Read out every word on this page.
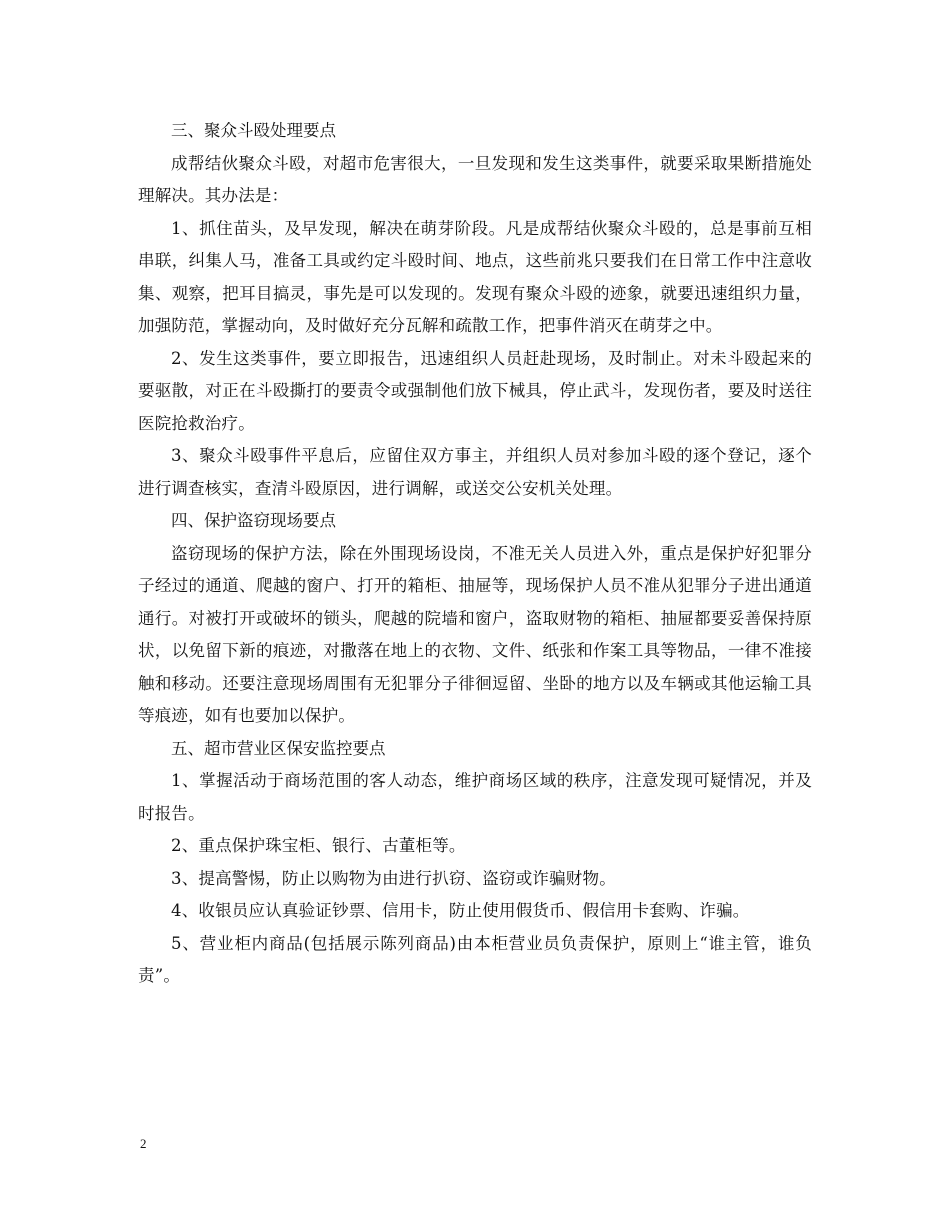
三、聚众斗殴处理要点

成帮结伙聚众斗殴，对超市危害很大，一旦发现和发生这类事件，就要采取果断措施处理解决。其办法是：

1、抓住苗头，及早发现，解决在萌芽阶段。凡是成帮结伙聚众斗殴的，总是事前互相串联，纠集人马，准备工具或约定斗殴时间、地点，这些前兆只要我们在日常工作中注意收集、观察，把耳目搞灵，事先是可以发现的。发现有聚众斗殴的迹象，就要迅速组织力量，加强防范，掌握动向，及时做好充分瓦解和疏散工作，把事件消灭在萌芽之中。

2、发生这类事件，要立即报告，迅速组织人员赶赴现场，及时制止。对未斗殴起来的要驱散，对正在斗殴撕打的要责令或强制他们放下械具，停止武斗，发现伤者，要及时送往医院抢救治疗。

3、聚众斗殴事件平息后，应留住双方事主，并组织人员对参加斗殴的逐个登记，逐个进行调查核实，查清斗殴原因，进行调解，或送交公安机关处理。

四、保护盗窃现场要点

盗窃现场的保护方法，除在外围现场设岗，不准无关人员进入外，重点是保护好犯罪分子经过的通道、爬越的窗户、打开的箱柜、抽屉等，现场保护人员不准从犯罪分子进出通道通行。对被打开或破坏的锁头，爬越的院墙和窗户，盗取财物的箱柜、抽屉都要妥善保持原状，以免留下新的痕迹，对撒落在地上的衣物、文件、纸张和作案工具等物品，一律不准接触和移动。还要注意现场周围有无犯罪分子徘徊逗留、坐卧的地方以及车辆或其他运输工具等痕迹，如有也要加以保护。

五、超市营业区保安监控要点

1、掌握活动于商场范围的客人动态，维护商场区域的秩序，注意发现可疑情况，并及时报告。

2、重点保护珠宝柜、银行、古董柜等。

3、提高警惕，防止以购物为由进行扒窃、盗窃或诈骗财物。

4、收银员应认真验证钞票、信用卡，防止使用假货币、假信用卡套购、诈骗。

5、营业柜内商品(包括展示陈列商品)由本柜营业员负责保护，原则上“谁主管，谁负责”。

2
